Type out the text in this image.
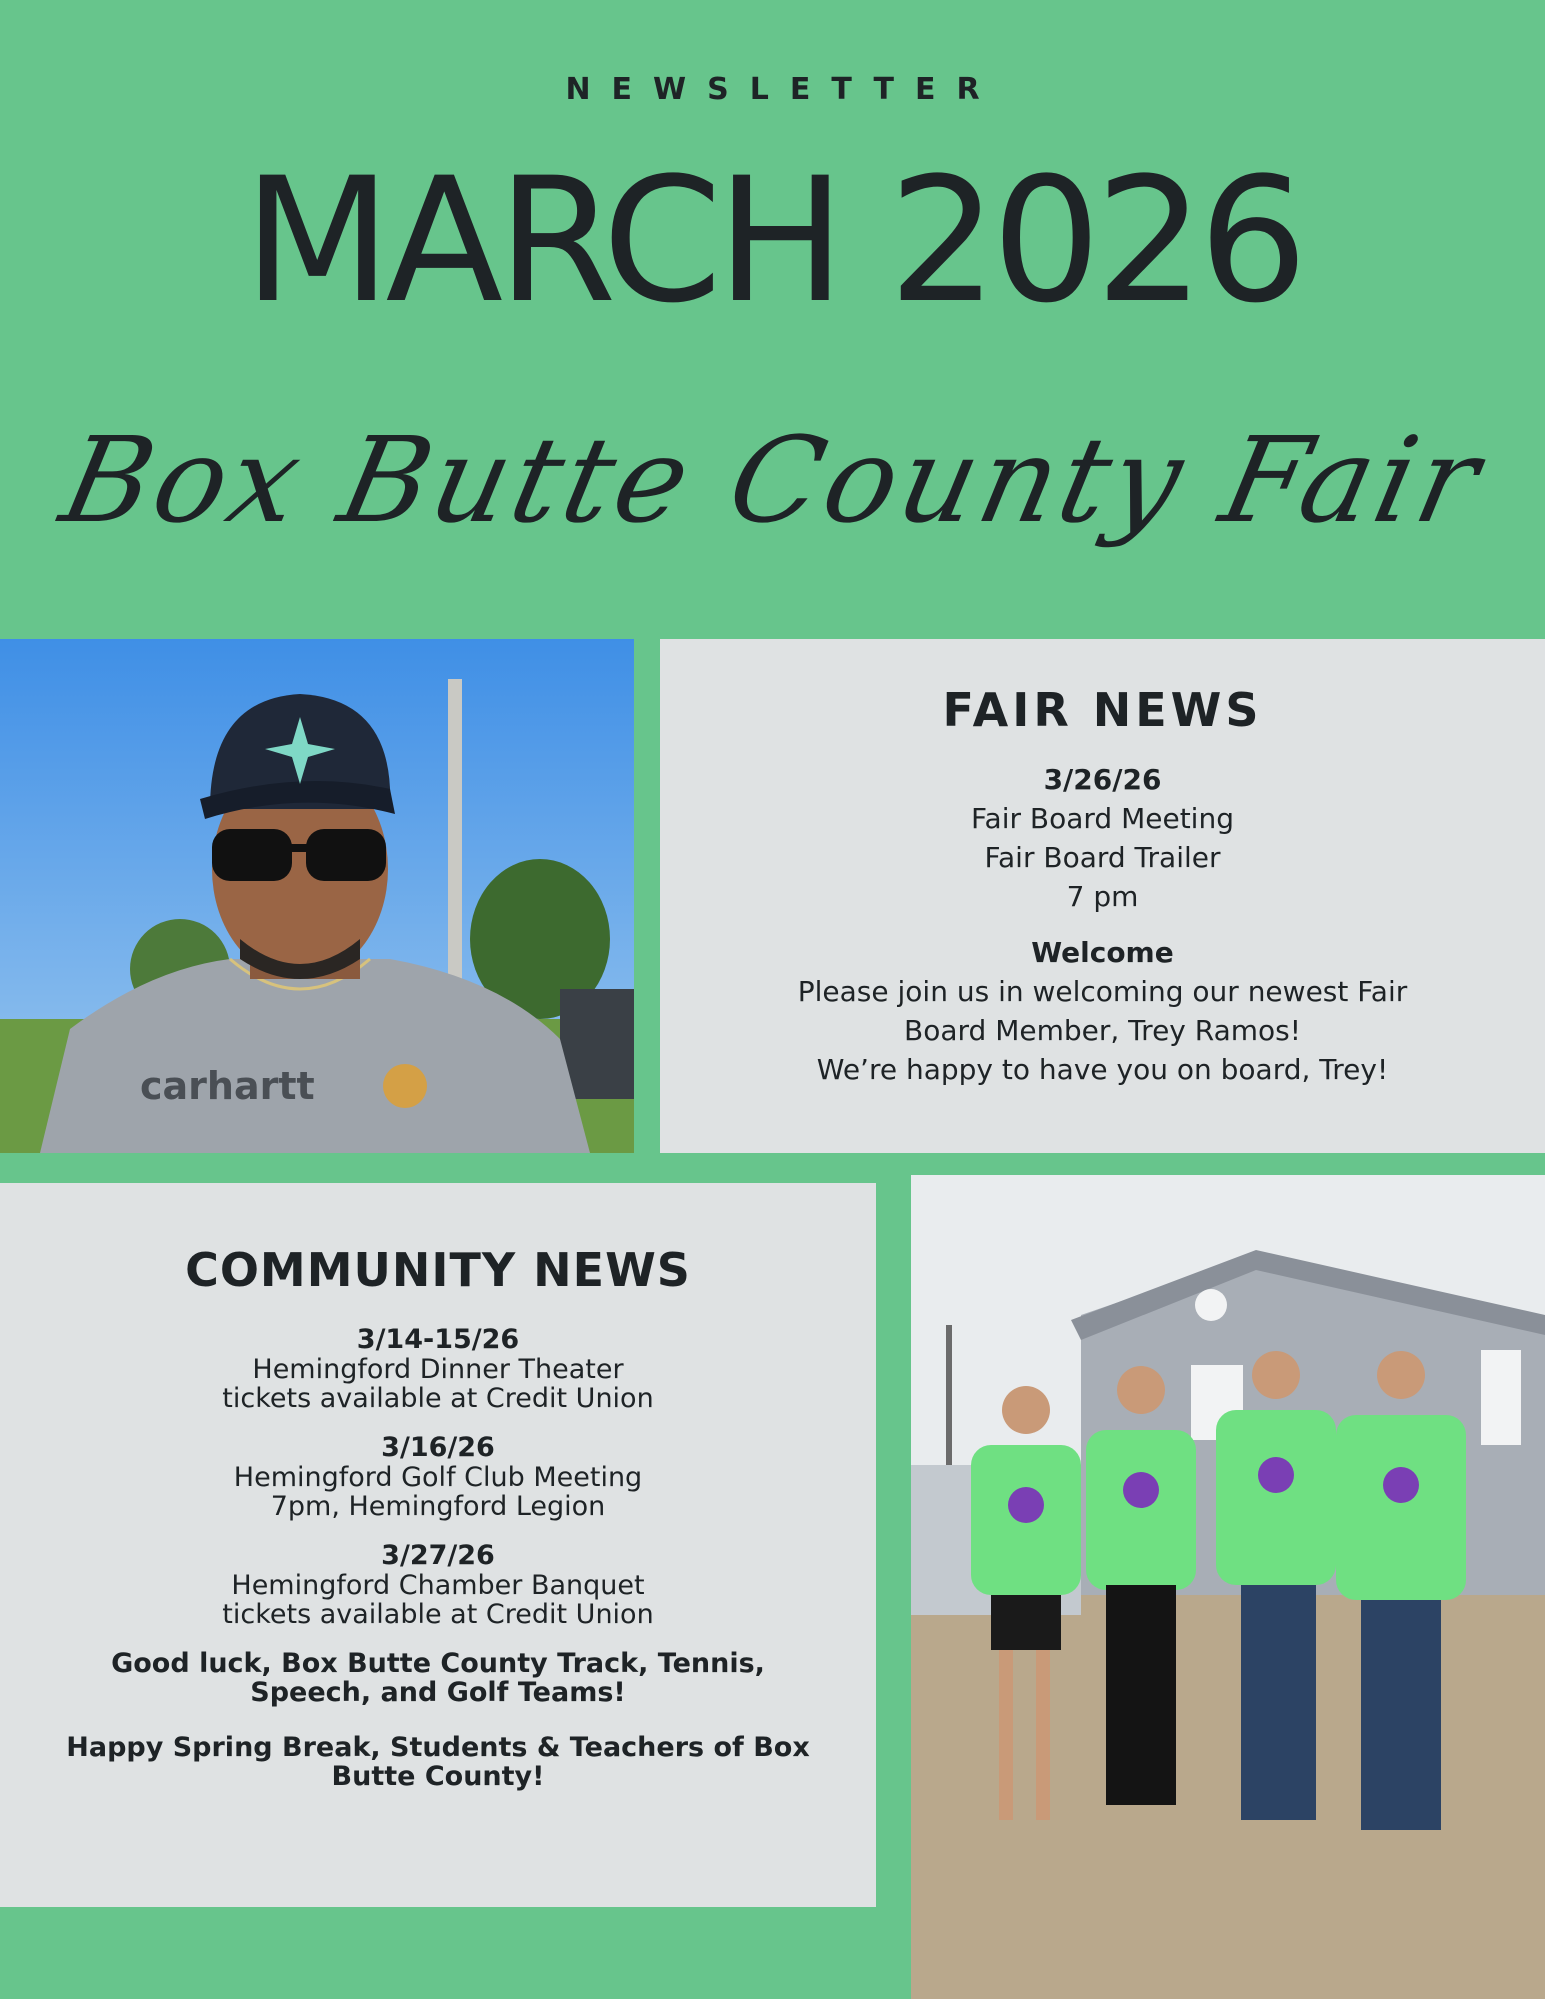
NEWSLETTER
MARCH 2026
Box Butte County Fair
carhartt
FAIR NEWS
3/26/26
Fair Board Meeting
Fair Board Trailer
7 pm
Welcome
Please join us in welcoming our newest Fair
Board Member, Trey Ramos!
We’re happy to have you on board, Trey!
COMMUNITY NEWS
3/14-15/26
Hemingford Dinner Theater
tickets available at Credit Union
3/16/26
Hemingford Golf Club Meeting
7pm, Hemingford Legion
3/27/26
Hemingford Chamber Banquet
tickets available at Credit Union
Good luck, Box Butte County Track, Tennis, Speech, and Golf Teams!
Happy Spring Break, Students & Teachers of Box Butte County!
